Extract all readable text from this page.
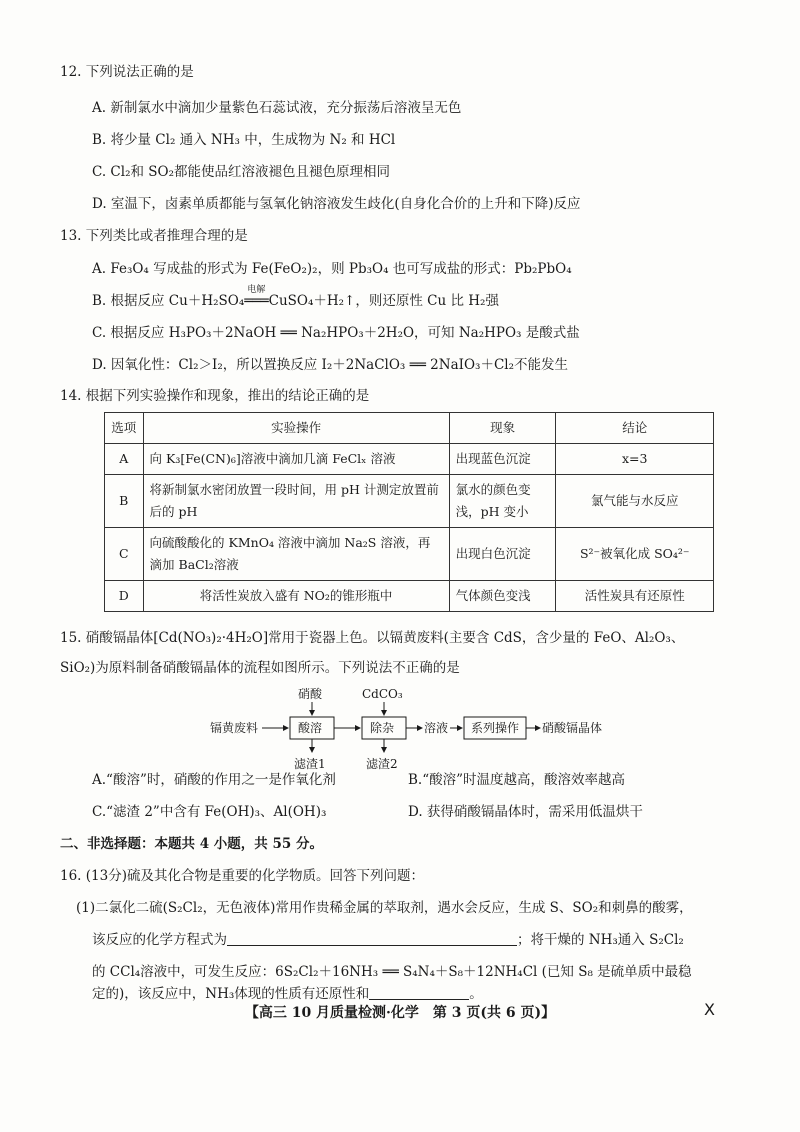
12. 下列说法正确的是
A. 新制氯水中滴加少量紫色石蕊试液，充分振荡后溶液呈无色
B. 将少量 Cl₂ 通入 NH₃ 中，生成物为 N₂ 和 HCl
C. Cl₂和 SO₂都能使品红溶液褪色且褪色原理相同
D. 室温下，卤素单质都能与氢氧化钠溶液发生歧化(自身化合价的上升和下降)反应
13. 下列类比或者推理合理的是
A. Fe₃O₄ 写成盐的形式为 Fe(FeO₂)₂，则 Pb₃O₄ 也可写成盐的形式：Pb₂PbO₄
B. 根据反应 Cu＋H₂SO₄
电解
═══CuSO₄＋H₂↑，则还原性 Cu 比 H₂强
C. 根据反应 H₃PO₃＋2NaOH ══ Na₂HPO₃＋2H₂O，可知 Na₂HPO₃ 是酸式盐
D. 因氧化性：Cl₂＞I₂，所以置换反应 I₂＋2NaClO₃ ══ 2NaIO₃＋Cl₂不能发生
14. 根据下列实验操作和现象，推出的结论正确的是
选项	实验操作	现象	结论
A	向 K₃[Fe(CN)₆]溶液中滴加几滴 FeClₓ 溶液	出现蓝色沉淀	x=3
B	将新制氯水密闭放置一段时间，用 pH 计测定放置前后的 pH	氯水的颜色变浅，pH 变小	氯气能与水反应
C	向硫酸酸化的 KMnO₄ 溶液中滴加 Na₂S 溶液，再滴加 BaCl₂溶液	出现白色沉淀	S²⁻被氧化成 SO₄²⁻
D	将活性炭放入盛有 NO₂的锥形瓶中	气体颜色变浅	活性炭具有还原性
15. 硝酸镉晶体[Cd(NO₃)₂·4H₂O]常用于瓷器上色。以镉黄废料(主要含 CdS，含少量的 FeO、Al₂O₃、
SiO₂)为原料制备硝酸镉晶体的流程如图所示。下列说法不正确的是
镉黄废料	酸溶
硝酸
滤渣1
除杂
CdCO₃
滤渣2
溶液 系列操作 硝酸镉晶体
A.“酸溶”时，硝酸的作用之一是作氧化剂	B.“酸溶”时温度越高，酸溶效率越高
C.“滤渣 2”中含有 Fe(OH)₃、Al(OH)₃	D. 获得硝酸镉晶体时，需采用低温烘干
二、非选择题：本题共 4 小题，共 55 分。
16. (13分)硫及其化合物是重要的化学物质。回答下列问题：
(1)二氯化二硫(S₂Cl₂，无色液体)常用作贵稀金属的萃取剂，遇水会反应，生成 S、SO₂和刺鼻的酸雾，
该反应的化学方程式为	；将干燥的 NH₃通入 S₂Cl₂
的 CCl₄溶液中，可发生反应：6S₂Cl₂＋16NH₃ ══ S₄N₄＋S₈＋12NH₄Cl (已知 S₈ 是硫单质中最稳
定的)，该反应中，NH₃体现的性质有还原性和	。
【高三 10 月质量检测·化学　第 3 页(共 6 页)】	X
